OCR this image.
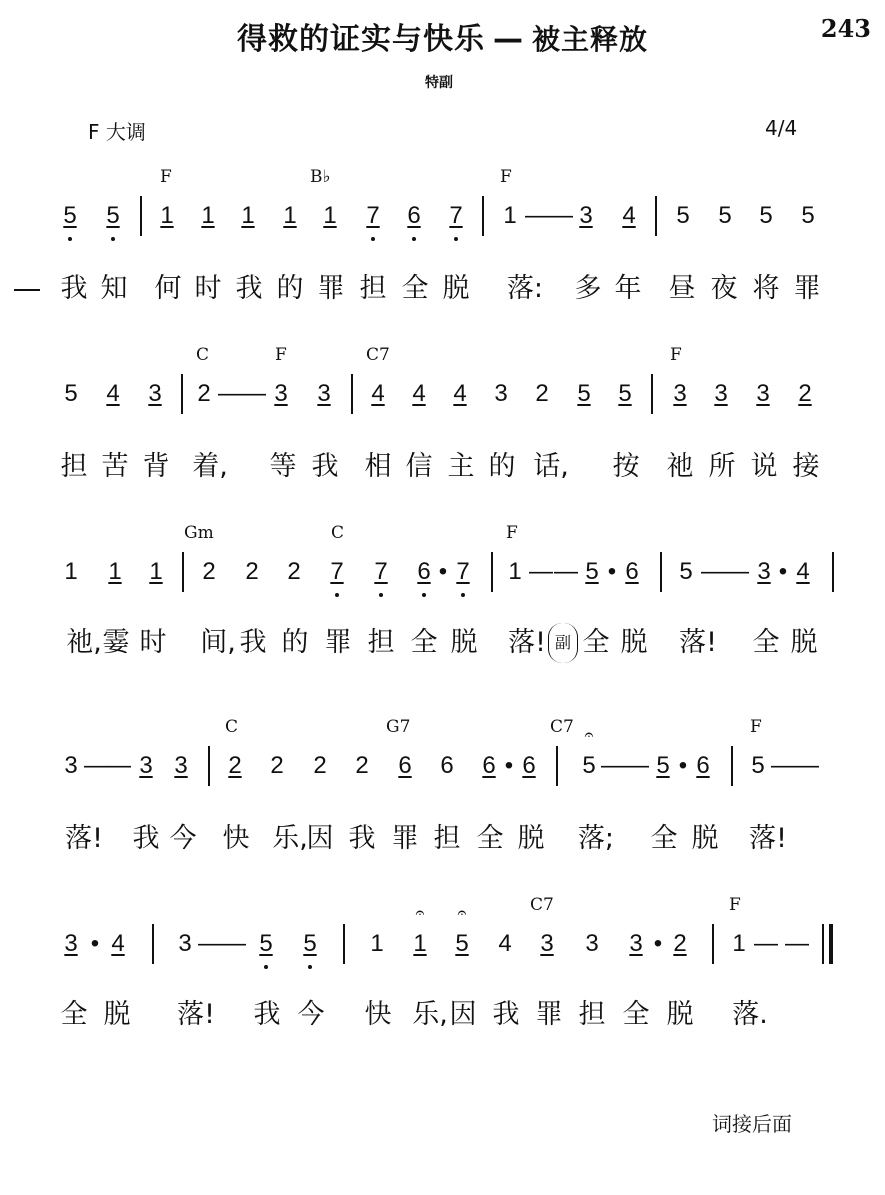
得救的证实与快乐 — 被主释放	243
特副
F 大调	4/4
F	B♭	F
5 5 1 1 1 1 1 7 6 7 1 — — 3 4 5 5 5 5
我 知 何 时 我 的 罪 担 全 脱	落:	多 年 昼 夜 将 罪
C	F	C7	F
5 4 3 2 — — 3 3 4 4 4 3 2 5 5 3 3 3 2
担 苦 背 着,	等 我 相 信 主 的 话,	按 祂 所 说 接
Gm	C	F
1 1 1 2 2 2 7 7 6 • 7 1 — — 5 • 6 5 — — 3 • 4
祂, 霎 时	间, 我 的 罪 担 全 脱	落! 副 全 脱	落!	全 脱
C	G7	C7 𝄐	F
3 — — 3 3 2 2 2 2 6 6 6 • 6 5 — — 5 • 6 5 — —
落!	我 今 快 乐,
因 我 罪 担 全 脱	落;	全 脱	落!
𝄐 𝄐	C7	F
3 • 4 3 — — 5 5 1 1 5 4 3 3 3 • 2 1 — —
全 脱	落!	我 今 快 乐, 因 我 罪 担 全 脱	落.
词接后面
